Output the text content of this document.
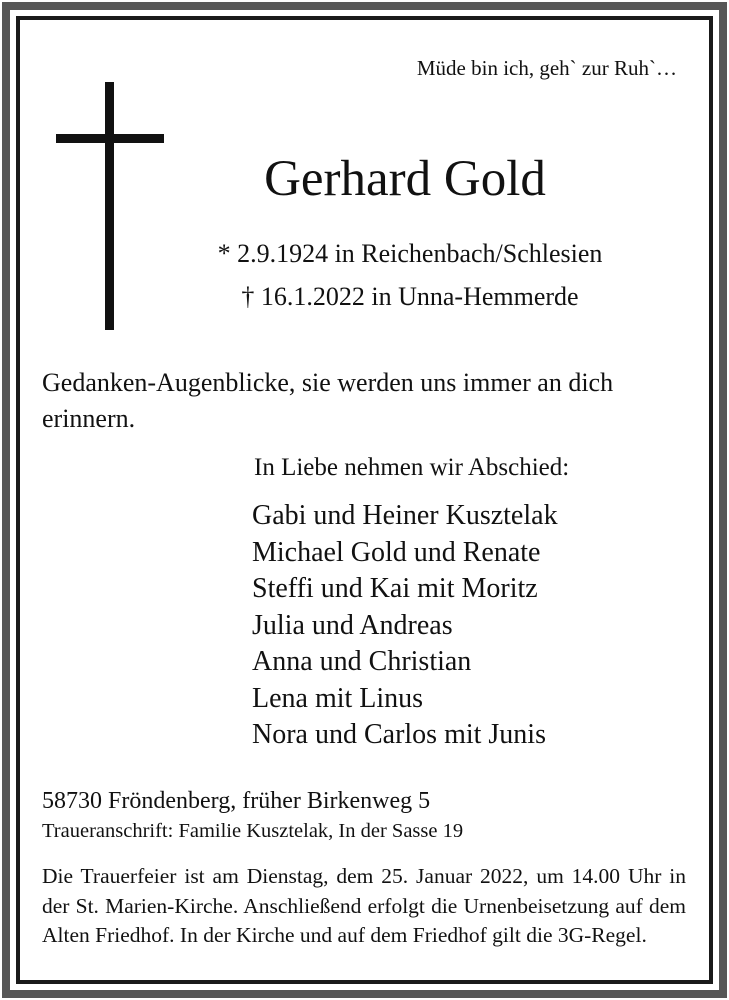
Müde bin ich, geh` zur Ruh`…
Gerhard Gold
* 2.9.1924 in Reichenbach/Schlesien
† 16.1.2022 in Unna-Hemmerde
Gedanken-Augenblicke, sie werden uns immer an dich erinnern.
In Liebe nehmen wir Abschied:
Gabi und Heiner Kusztelak
Michael Gold und Renate
Steffi und Kai mit Moritz
Julia und Andreas
Anna und Christian
Lena mit Linus
Nora und Carlos mit Junis
58730 Fröndenberg, früher Birkenweg 5
Traueranschrift: Familie Kusztelak, In der Sasse 19
Die Trauerfeier ist am Dienstag, dem 25. Januar 2022, um 14.00 Uhr in der St. Marien-Kirche. Anschließend erfolgt die Urnenbeisetzung auf dem Alten Friedhof. In der Kirche und auf dem Friedhof gilt die 3G-Regel.
